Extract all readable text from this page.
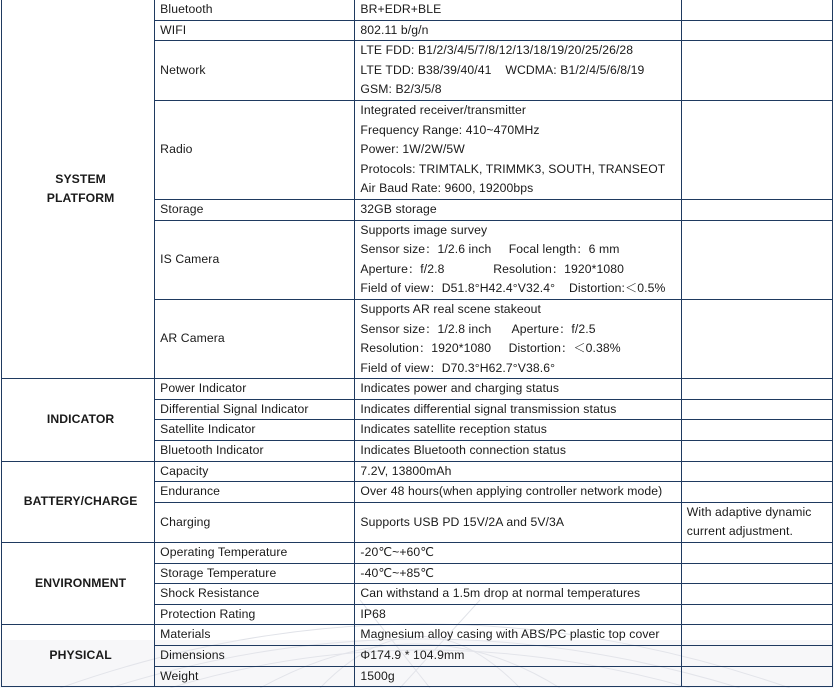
SYSTEM
PLATFORM	Bluetooth	BR+EDR+BLE	

	WIFI	802.11 b/g/n	

	Network	LTE FDD: B1/2/3/4/5/7/8/12/13/18/19/20/25/26/28
LTE TDD: B38/39/40/41    WCDMA: B1/2/4/5/6/8/19
GSM: B2/3/5/8	

	Radio	Integrated receiver/transmitter
Frequency Range: 410~470MHz
Power: 1W/2W/5W
Protocols: TRIMTALK, TRIMMK3, SOUTH, TRANSEOT
Air Baud Rate: 9600, 19200bps	

	Storage	32GB storage	

	IS Camera	Supports image survey
Sensor size：1/2.6 inch     Focal length：6 mm
Aperture：f/2.8              Resolution：1920*1080
Field of view：D51.8°H42.4°V32.4°    Distortion:＜0.5%	

	AR Camera	Supports AR real scene stakeout
Sensor size：1/2.8 inch      Aperture：f/2.5
Resolution：1920*1080     Distortion：＜0.38%
Field of view：D70.3°H62.7°V38.6°	

INDICATOR	Power Indicator	Indicates power and charging status	

	Differential Signal Indicator	Indicates differential signal transmission status	

	Satellite Indicator	Indicates satellite reception status	

	Bluetooth Indicator	Indicates Bluetooth connection status	

BATTERY/CHARGE	Capacity	7.2V, 13800mAh	

	Endurance	Over 48 hours(when applying controller network mode)	

	Charging	Supports USB PD 15V/2A and 5V/3A	With adaptive dynamic
current adjustment.

ENVIRONMENT	Operating Temperature	-20℃~+60℃	

	Storage Temperature	-40℃~+85℃	

	Shock Resistance	Can withstand a 1.5m drop at normal temperatures	

	Protection Rating	IP68	

PHYSICAL	Materials	Magnesium alloy casing with ABS/PC plastic top cover	

	Dimensions	Φ174.9 * 104.9mm	

	Weight	1500g	
